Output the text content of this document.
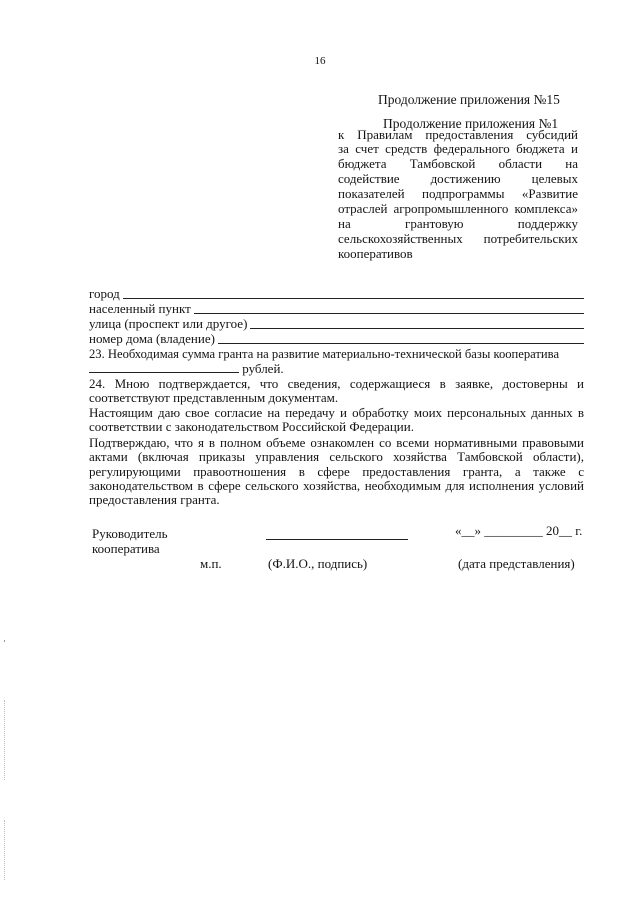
16
Продолжение приложения №15
Продолжение приложения №1
к Правилам предоставления субсидий
за счет средств федерального бюджета и
бюджета Тамбовской области на
содействие достижению целевых
показателей подпрограммы «Развитие
отраслей агропромышленного комплекса»
на грантовую поддержку
сельскохозяйственных потребительских
кооперативов
город
населенный пункт
улица (проспект или другое)
номер дома (владение)
23. Необходимая сумма гранта на развитие материально-технической базы кооператива
рублей.
24. Мною подтверждается, что сведения, содержащиеся в заявке, достоверны и соответствуют представленным документам.
Настоящим даю свое согласие на передачу и обработку моих персональных данных в соответствии с законодательством Российской Федерации.
Подтверждаю, что я в полном объеме ознакомлен со всеми нормативными правовыми актами (включая приказы управления сельского хозяйства Тамбовской области), регулирующими правоотношения в сфере предоставления гранта, а также с законодательством в сфере сельского хозяйства, необходимым для исполнения условий предоставления гранта.
Руководитель
кооператива
«__» _________ 20__ г.
м.п.	(Ф.И.О., подпись)	(дата представления)
